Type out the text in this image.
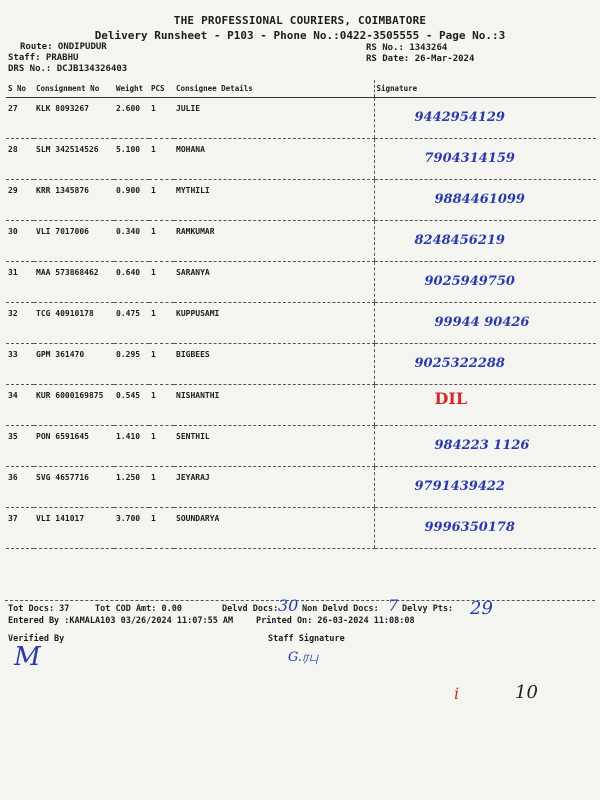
THE PROFESSIONAL COURIERS, COIMBATORE
Delivery Runsheet - P103 - Phone No.:0422-3505555 - Page No.:3
Route: ONDIPUDUR
Staff: PRABHU
DRS No.: DCJB134326403
RS No.: 1343264
RS Date: 26-Mar-2024
S No	Consignment No	Weight	PCS	Consignee Details	Signature
27	KLK 8093267	2.600	1	JULIE	9442954129

28	SLM 342514526	5.100	1	MOHANA	7904314159

29	KRR 1345876	0.900	1	MYTHILI	9884461099

30	VLI 7017006	0.340	1	RAMKUMAR	8248456219

31	MAA 573868462	0.640	1	SARANYA	9025949750

32	TCG 40910178	0.475	1	KUPPUSAMI	99944 90426

33	GPM 361470	0.295	1	BIGBEES	9025322288

34	KUR 6000169875	0.545	1	NISHANTHI	DIL

35	PON 6591645	1.410	1	SENTHIL	984223 1126

36	SVG 4657716	1.250	1	JEYARAJ	9791439422

37	VLI 141017	3.700	1	SOUNDARYA	9996350178
Tot Docs: 37	Tot COD Amt: 0.00	Delvd Docs: 30 Non Delvd Docs: 7 Delvy Pts: 29
Entered By :KAMALA103 03/26/2024 11:07:55 AM	Printed On: 26-03-2024 11:08:08
Verified By	Staff Signature
M	G.ரபு
i	10
